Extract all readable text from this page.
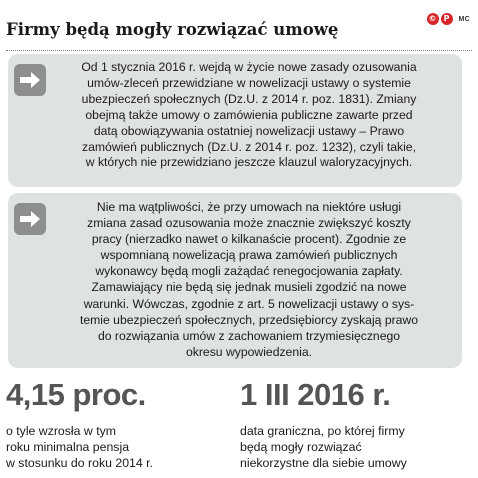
Firmy będą mogły rozwiązać umowę
© P	MC
Od 1 stycznia 2016 r. wejdą w życie nowe zasady ozusowania
umów-zleceń przewidziane w nowelizacji ustawy o systemie
ubezpieczeń społecznych (Dz.U. z 2014 r. poz. 1831). Zmiany
obejmą także umowy o zamówienia publiczne zawarte przed
datą obowiązywania ostatniej nowelizacji ustawy – Prawo
zamówień publicznych (Dz.U. z 2014 r. poz. 1232), czyli takie,
w których nie przewidziano jeszcze klauzul waloryzacyjnych.
Nie ma wątpliwości, że przy umowach na niektóre usługi
zmiana zasad ozusowania może znacznie zwiększyć koszty
pracy (nierzadko nawet o kilkanaście procent). Zgodnie ze
wspomnianą nowelizacją prawa zamówień publicznych
wykonawcy będą mogli zażądać renegocjowania zapłaty.
Zamawiający nie będą się jednak musieli zgodzić na nowe
warunki. Wówczas, zgodnie z art. 5 nowelizacji ustawy o sys-
temie ubezpieczeń społecznych, przedsiębiorcy zyskają prawo
do rozwiązania umów z zachowaniem trzymiesięcznego
okresu wypowiedzenia.
4,15 proc.
o tyle wzrosła w tym
roku minimalna pensja
w stosunku do roku 2014 r.
1 III 2016 r.
data graniczna, po której firmy
będą mogły rozwiązać
niekorzystne dla siebie umowy
